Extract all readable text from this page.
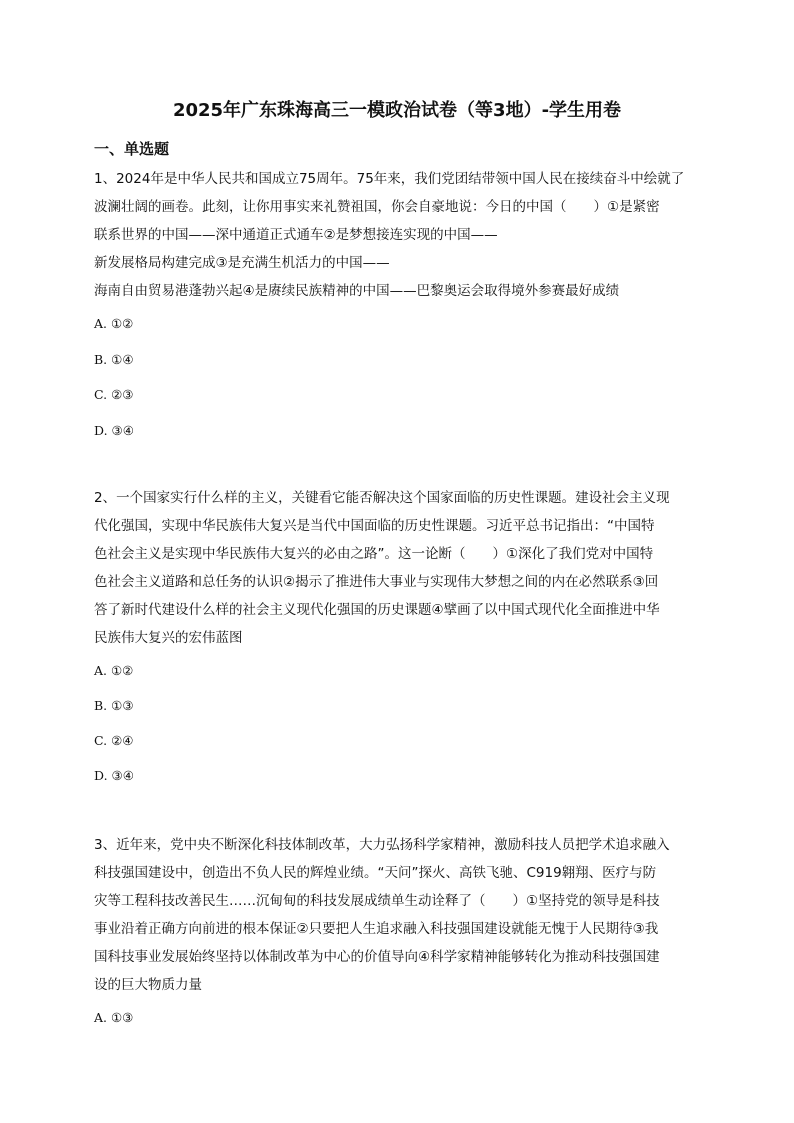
2025年广东珠海高三一模政治试卷（等3地）-学生用卷
一、单选题
1、2024年是中华人民共和国成立75周年。75年来，我们党团结带领中国人民在接续奋斗中绘就了
波澜壮阔的画卷。此刻，让你用事实来礼赞祖国，你会自豪地说：今日的中国（　　）①是紧密
联系世界的中国——深中通道正式通车②是梦想接连实现的中国——
新发展格局构建完成③是充满生机活力的中国——
海南自由贸易港蓬勃兴起④是赓续民族精神的中国——巴黎奥运会取得境外参赛最好成绩
A. ①②
B. ①④
C. ②③
D. ③④
2、一个国家实行什么样的主义，关键看它能否解决这个国家面临的历史性课题。建设社会主义现
代化强国，实现中华民族伟大复兴是当代中国面临的历史性课题。习近平总书记指出：“中国特
色社会主义是实现中华民族伟大复兴的必由之路”。这一论断（　　）①深化了我们党对中国特
色社会主义道路和总任务的认识②揭示了推进伟大事业与实现伟大梦想之间的内在必然联系③回
答了新时代建设什么样的社会主义现代化强国的历史课题④擘画了以中国式现代化全面推进中华
民族伟大复兴的宏伟蓝图
A. ①②
B. ①③
C. ②④
D. ③④
3、近年来，党中央不断深化科技体制改革，大力弘扬科学家精神，激励科技人员把学术追求融入
科技强国建设中，创造出不负人民的辉煌业绩。“天问”探火、高铁飞驰、C919翱翔、医疗与防
灾等工程科技改善民生……沉甸甸的科技发展成绩单生动诠释了（　　）①坚持党的领导是科技
事业沿着正确方向前进的根本保证②只要把人生追求融入科技强国建设就能无愧于人民期待③我
国科技事业发展始终坚持以体制改革为中心的价值导向④科学家精神能够转化为推动科技强国建
设的巨大物质力量
A. ①③
